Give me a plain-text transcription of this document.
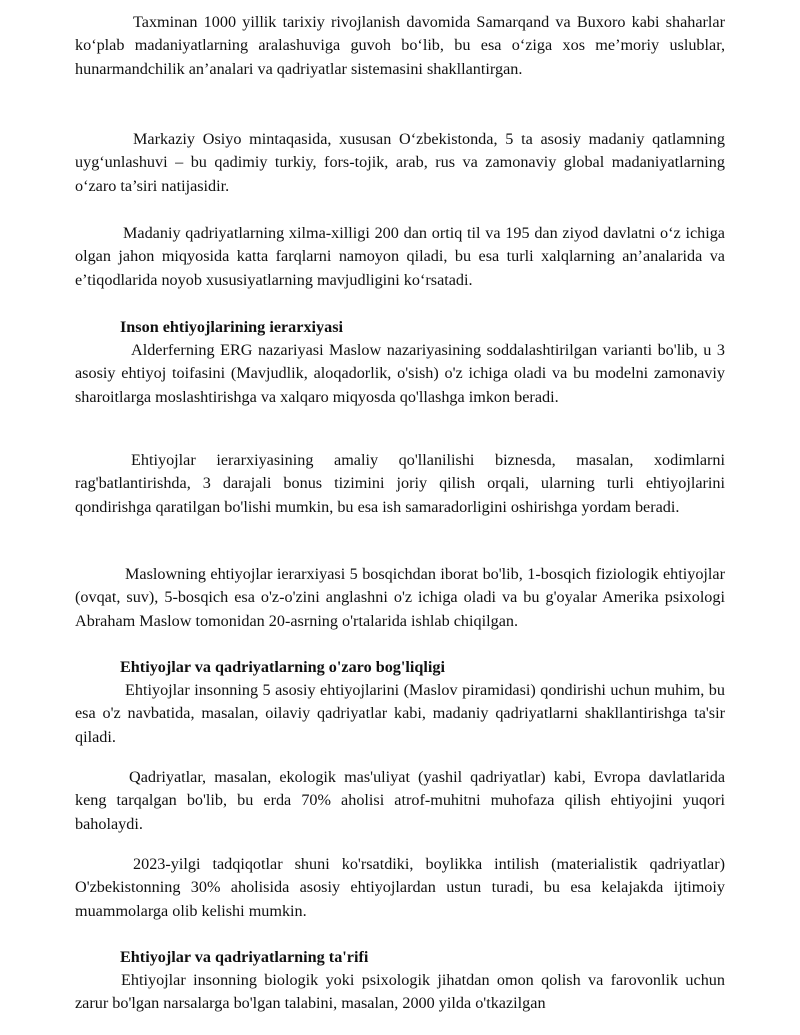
Taxminan 1000 yillik tarixiy rivojlanish davomida Samarqand va Buxoro kabi shaharlar ko‘plab madaniyatlarning aralashuviga guvoh bo‘lib, bu esa o‘ziga xos me’moriy uslublar, hunarmandchilik an’analari va qadriyatlar sistemasini shakllantirgan.

Markaziy Osiyo mintaqasida, xususan O‘zbekistonda, 5 ta asosiy madaniy qatlamning uyg‘unlashuvi – bu qadimiy turkiy, fors-tojik, arab, rus va zamonaviy global madaniyatlarning o‘zaro ta’siri natijasidir.

Madaniy qadriyatlarning xilma-xilligi 200 dan ortiq til va 195 dan ziyod davlatni o‘z ichiga olgan jahon miqyosida katta farqlarni namoyon qiladi, bu esa turli xalqlarning an’analarida va e’tiqodlarida noyob xususiyatlarning mavjudligini ko‘rsatadi.

Inson ehtiyojlarining ierarxiyasi

Alderferning ERG nazariyasi Maslow nazariyasining soddalashtirilgan varianti bo'lib, u 3 asosiy ehtiyoj toifasini (Mavjudlik, aloqadorlik, o'sish) o'z ichiga oladi va bu modelni zamonaviy sharoitlarga moslashtirishga va xalqaro miqyosda qo'llashga imkon beradi.

Ehtiyojlar ierarxiyasining amaliy qo'llanilishi biznesda, masalan, xodimlarni rag'batlantirishda, 3 darajali bonus tizimini joriy qilish orqali, ularning turli ehtiyojlarini qondirishga qaratilgan bo'lishi mumkin, bu esa ish samaradorligini oshirishga yordam beradi.

Maslowning ehtiyojlar ierarxiyasi 5 bosqichdan iborat bo'lib, 1-bosqich fiziologik ehtiyojlar (ovqat, suv), 5-bosqich esa o'z-o'zini anglashni o'z ichiga oladi va bu g'oyalar Amerika psixologi Abraham Maslow tomonidan 20-asrning o'rtalarida ishlab chiqilgan.

Ehtiyojlar va qadriyatlarning o'zaro bog'liqligi

Ehtiyojlar insonning 5 asosiy ehtiyojlarini (Maslov piramidasi) qondirishi uchun muhim, bu esa o'z navbatida, masalan, oilaviy qadriyatlar kabi, madaniy qadriyatlarni shakllantirishga ta'sir qiladi.

Qadriyatlar, masalan, ekologik mas'uliyat (yashil qadriyatlar) kabi, Evropa davlatlarida keng tarqalgan bo'lib, bu erda 70% aholisi atrof-muhitni muhofaza qilish ehtiyojini yuqori baholaydi.

2023-yilgi tadqiqotlar shuni ko'rsatdiki, boylikka intilish (materialistik qadriyatlar) O'zbekistonning 30% aholisida asosiy ehtiyojlardan ustun turadi, bu esa kelajakda ijtimoiy muammolarga olib kelishi mumkin.

Ehtiyojlar va qadriyatlarning ta'rifi

Ehtiyojlar insonning biologik yoki psixologik jihatdan omon qolish va farovonlik uchun zarur bo'lgan narsalarga bo'lgan talabini, masalan, 2000 yilda o'tkazilgan
